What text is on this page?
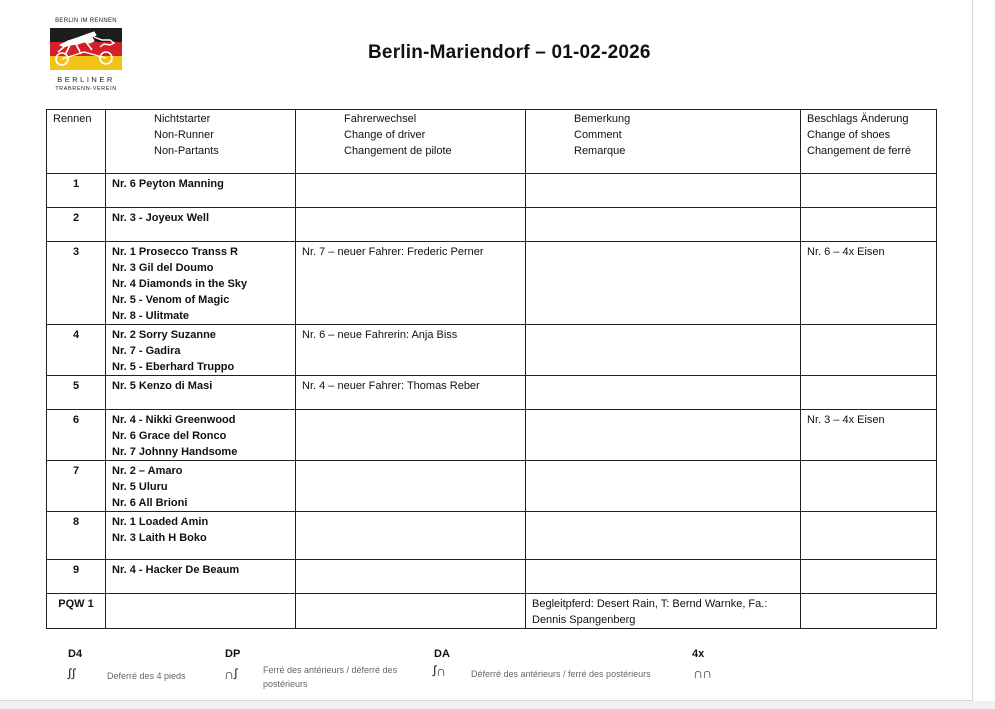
BERLIN IM RENNEN
BERLINER
TRABRENN-VEREIN
Berlin-Mariendorf – 01-02-2026
Rennen	Nichtstarter
Non-Runner
Non-Partants	Fahrerwechsel
Change of driver
Changement de pilote	Bemerkung
Comment
Remarque	Beschlags Änderung
Change of shoes
Changement de ferré

1	Nr. 6 Peyton Manning			

2	Nr. 3 - Joyeux Well			

3	Nr. 1 Prosecco Transs R
Nr. 3 Gil del Doumo
Nr. 4 Diamonds in the Sky
Nr. 5 - Venom of Magic
Nr. 8 - Ulitmate	Nr. 7 – neuer Fahrer: Frederic Perner		Nr. 6 – 4x Eisen

4	Nr. 2 Sorry Suzanne
Nr. 7 - Gadira
Nr. 5 - Eberhard Truppo	Nr. 6 – neue Fahrerin: Anja Biss		

5	Nr. 5 Kenzo di Masi	Nr. 4 – neuer Fahrer: Thomas Reber		

6	Nr. 4 - Nikki Greenwood
Nr. 6 Grace del Ronco
Nr. 7 Johnny Handsome			Nr. 3 – 4x Eisen

7	Nr. 2 – Amaro
Nr. 5 Uluru
Nr. 6 All Brioni			

8	Nr. 1 Loaded Amin
Nr. 3 Laith H Boko			

9	Nr. 4 - Hacker De Beaum			

PQW 1			Begleitpferd: Desert Rain, T: Bernd Warnke, Fa.: Dennis Spangenberg	

D4
ꭍꭍ	Deferré des 4 pieds
DP
∩ꭍ	Ferré des antérieurs / déferré des postérieurs
DA
ꭍ∩	Déferré des antérieurs / ferré des postérieurs
4x
∩∩
